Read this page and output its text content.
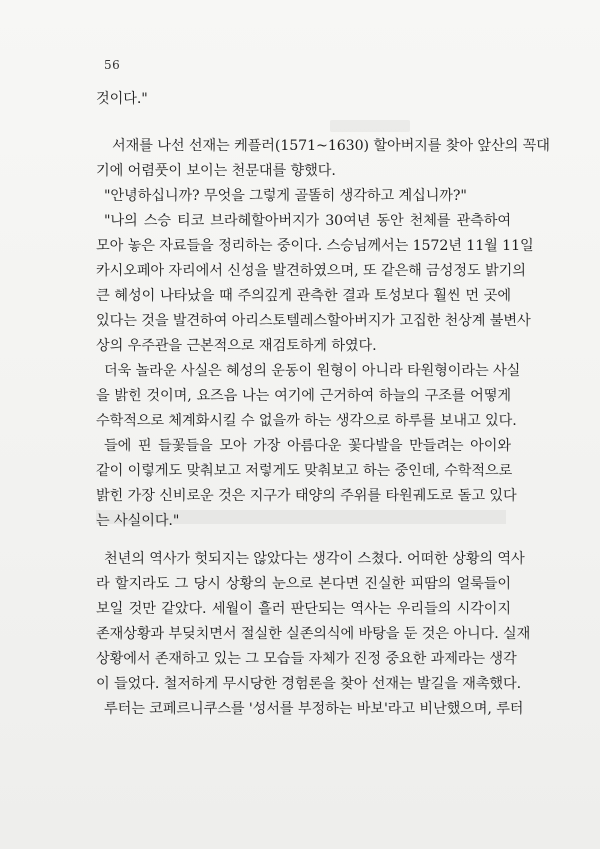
56
것이다."
서재를 나선 선재는 케플러(1571~1630) 할아버지를 찾아 앞산의 꼭대
기에 어렴풋이 보이는 천문대를 향했다.
"안녕하십니까? 무엇을 그렇게 골똘히 생각하고 계십니까?"
"나의 스승 티코 브라헤할아버지가 30여년 동안 천체를 관측하여
모아 놓은 자료들을 정리하는 중이다. 스승님께서는 1572년 11월 11일
카시오페아 자리에서 신성을 발견하였으며, 또 같은해 금성정도 밝기의
큰 혜성이 나타났을 때 주의깊게 관측한 결과 토성보다 훨씬 먼 곳에
있다는 것을 발견하여 아리스토텔레스할아버지가 고집한 천상계 불변사
상의 우주관을 근본적으로 재검토하게 하였다.
더욱 놀라운 사실은 혜성의 운동이 원형이 아니라 타원형이라는 사실
을 밝힌 것이며, 요즈음 나는 여기에 근거하여 하늘의 구조를 어떻게
수학적으로 체계화시킬 수 없을까 하는 생각으로 하루를 보내고 있다.
들에 핀 들꽃들을 모아 가장 아름다운 꽃다발을 만들려는 아이와
같이 이렇게도 맞춰보고 저렇게도 맞춰보고 하는 중인데, 수학적으로
밝힌 가장 신비로운 것은 지구가 태양의 주위를 타원궤도로 돌고 있다
는 사실이다."
천년의 역사가 헛되지는 않았다는 생각이 스쳤다. 어떠한 상황의 역사
라 할지라도 그 당시 상황의 눈으로 본다면 진실한 피땀의 얼룩들이
보일 것만 같았다. 세월이 흘러 판단되는 역사는 우리들의 시각이지
존재상황과 부딪치면서 절실한 실존의식에 바탕을 둔 것은 아니다. 실재
상황에서 존재하고 있는 그 모습들 자체가 진정 중요한 과제라는 생각
이 들었다. 철저하게 무시당한 경험론을 찾아 선재는 발길을 재촉했다.
루터는 코페르니쿠스를 '성서를 부정하는 바보'라고 비난했으며, 루터
